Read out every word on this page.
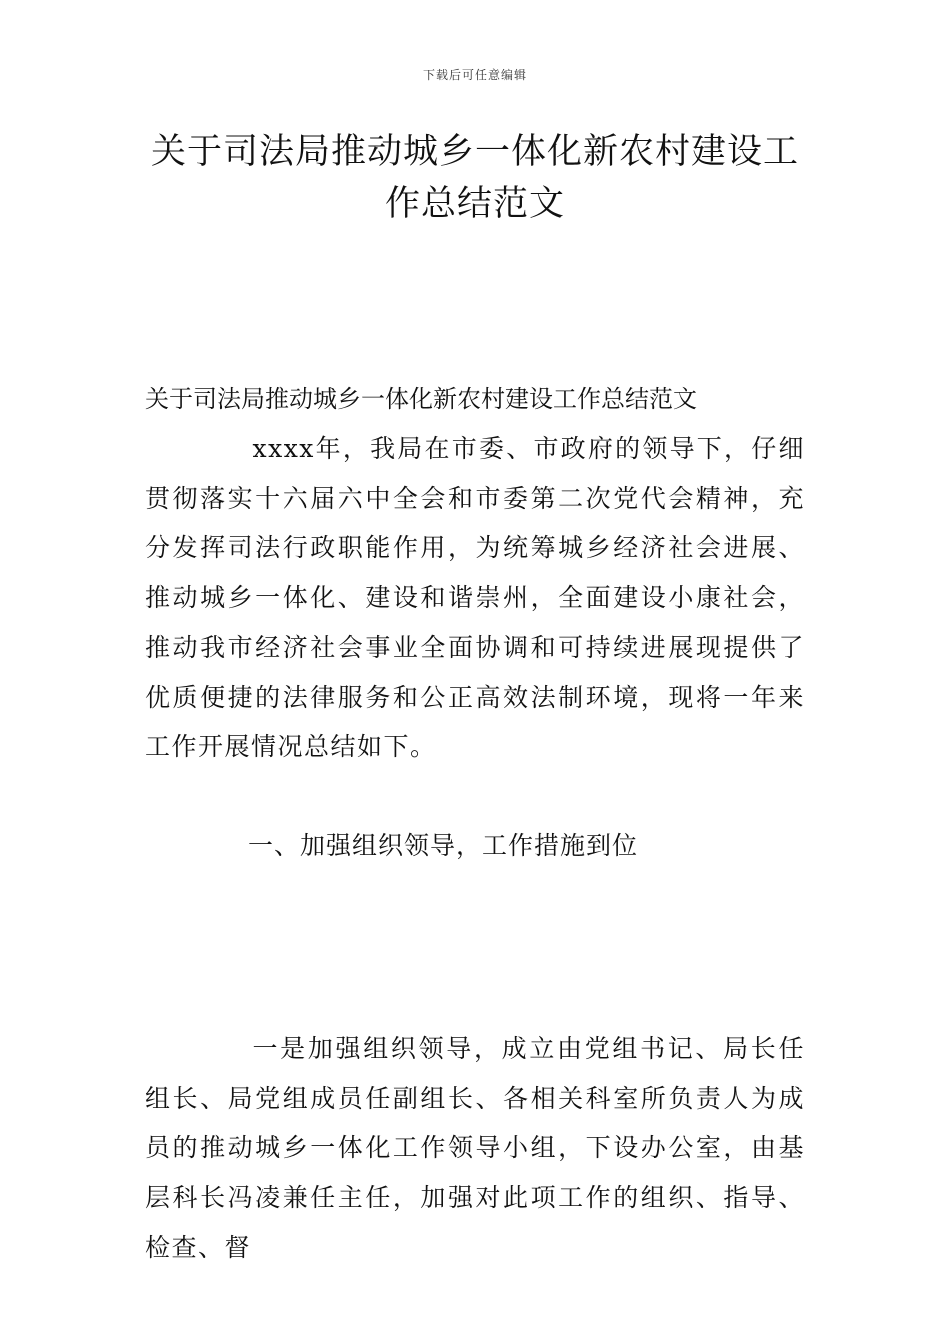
下载后可任意编辑
关于司法局推动城乡一体化新农村建设工作总结范文

关于司法局推动城乡一体化新农村建设工作总结范文

xxxx年，我局在市委、市政府的领导下，仔细贯彻落实十六届六中全会和市委第二次党代会精神，充分发挥司法行政职能作用，为统筹城乡经济社会进展、推动城乡一体化、建设和谐崇州，全面建设小康社会，推动我市经济社会事业全面协调和可持续进展现提供了优质便捷的法律服务和公正高效法制环境，现将一年来工作开展情况总结如下。

一、加强组织领导，工作措施到位

一是加强组织领导，成立由党组书记、局长任组长、局党组成员任副组长、各相关科室所负责人为成员的推动城乡一体化工作领导小组，下设办公室，由基层科长冯凌兼任主任，加强对此项工作的组织、指导、检查、督
